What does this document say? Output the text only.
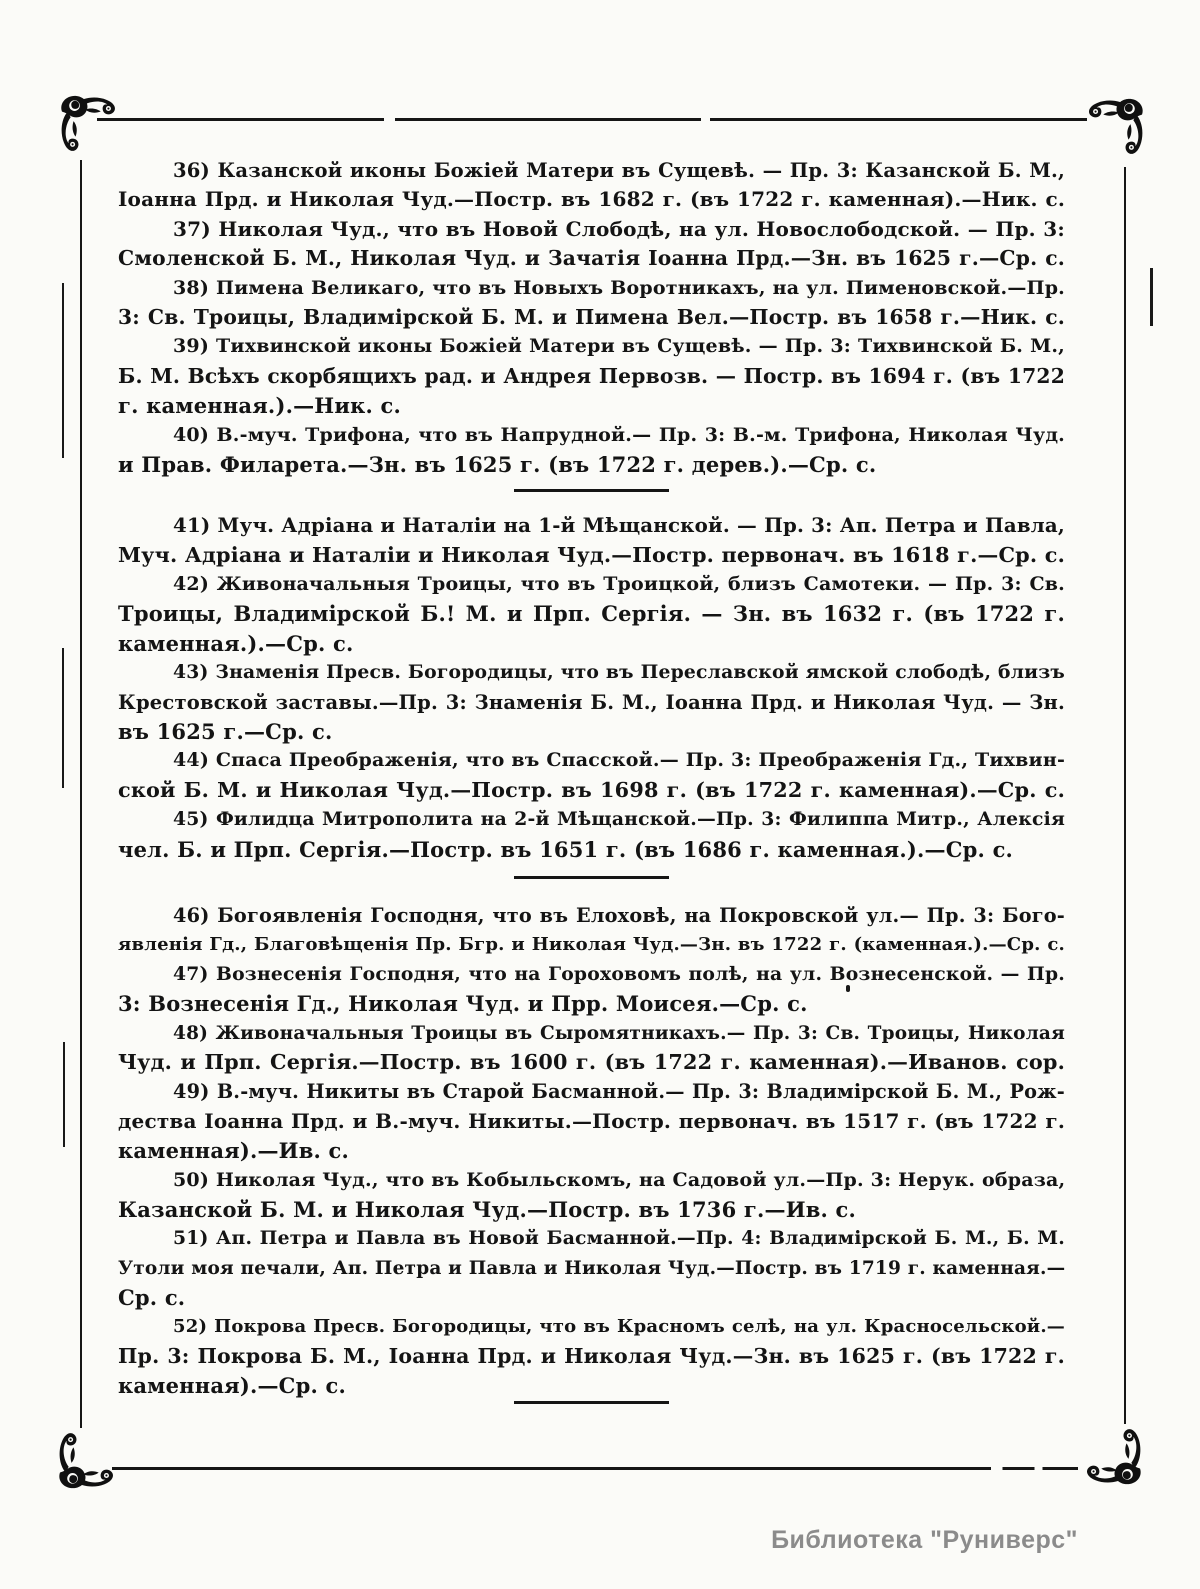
36) Казанской иконы Божіей Матери въ Сущевѣ. — Пр. 3: Казанской Б. М.,
Іоанна Прд. и Николая Чуд.—Постр. въ 1682 г. (въ 1722 г. каменная).—Ник. с.
37) Николая Чуд., что въ Новой Слободѣ, на ул. Новослободской. — Пр. 3:
Смоленской Б. М., Николая Чуд. и Зачатія Іоанна Прд.—Зн. въ 1625 г.—Ср. с.
38) Пимена Великаго, что въ Новыхъ Воротникахъ, на ул. Пименовской.—Пр.
3: Св. Троицы, Владимірской Б. М. и Пимена Вел.—Постр. въ 1658 г.—Ник. с.
39) Тихвинской иконы Божіей Матери въ Сущевѣ. — Пр. 3: Тихвинской Б. М.,
Б. М. Всѣхъ скорбящихъ рад. и Андрея Первозв. — Постр. въ 1694 г. (въ 1722
г. каменная.).—Ник. с.
40) В.-муч. Трифона, что въ Напрудной.— Пр. 3: В.-м. Трифона, Николая Чуд.
и Прав. Филарета.—Зн. въ 1625 г. (въ 1722 г. дерев.).—Ср. с.
41) Муч. Адріана и Наталіи на 1-й Мѣщанской. — Пр. 3: Ап. Петра и Павла,
Муч. Адріана и Наталіи и Николая Чуд.—Постр. первонач. въ 1618 г.—Ср. с.
42) Живоначальныя Троицы, что въ Троицкой, близъ Самотеки. — Пр. 3: Св.
Троицы, Владимірской Б.! М. и Прп. Сергія. — Зн. въ 1632 г. (въ 1722 г.
каменная.).—Ср. с.
43) Знаменія Пресв. Богородицы, что въ Переславской ямской слободѣ, близъ
Крестовской заставы.—Пр. 3: Знаменія Б. М., Іоанна Прд. и Николая Чуд. — Зн.
въ 1625 г.—Ср. с.
44) Спаса Преображенія, что въ Спасской.— Пр. 3: Преображенія Гд., Тихвин-
ской Б. М. и Николая Чуд.—Постр. въ 1698 г. (въ 1722 г. каменная).—Ср. с.
45) Филидца Митрополита на 2-й Мѣщанской.—Пр. 3: Филиппа Митр., Алексія
чел. Б. и Прп. Сергія.—Постр. въ 1651 г. (въ 1686 г. каменная.).—Ср. с.
46) Богоявленія Господня, что въ Елоховѣ, на Покровской ул.— Пр. 3: Бого-
явленія Гд., Благовѣщенія Пр. Бгр. и Николая Чуд.—Зн. въ 1722 г. (каменная.).—Ср. с.
47) Вознесенія Господня, что на Гороховомъ полѣ, на ул. Вознесенской. — Пр.
3: Вознесенія Гд., Николая Чуд. и Прр. Моисея.—Ср. с.
48) Живоначальныя Троицы въ Сыромятникахъ.— Пр. 3: Св. Троицы, Николая
Чуд. и Прп. Сергія.—Постр. въ 1600 г. (въ 1722 г. каменная).—Иванов. сор.
49) В.-муч. Никиты въ Старой Басманной.— Пр. 3: Владимірской Б. М., Рож-
дества Іоанна Прд. и В.-муч. Никиты.—Постр. первонач. въ 1517 г. (въ 1722 г.
каменная).—Ив. с.
50) Николая Чуд., что въ Кобыльскомъ, на Садовой ул.—Пр. 3: Нерук. образа,
Казанской Б. М. и Николая Чуд.—Постр. въ 1736 г.—Ив. с.
51) Ап. Петра и Павла въ Новой Басманной.—Пр. 4: Владимірской Б. М., Б. М.
Утоли моя печали, Ап. Петра и Павла и Николая Чуд.—Постр. въ 1719 г. каменная.—
Ср. с.
52) Покрова Пресв. Богородицы, что въ Красномъ селѣ, на ул. Красносельской.—
Пр. 3: Покрова Б. М., Іоанна Прд. и Николая Чуд.—Зн. въ 1625 г. (въ 1722 г.
каменная).—Ср. с.
Библиотека "Руниверс"
